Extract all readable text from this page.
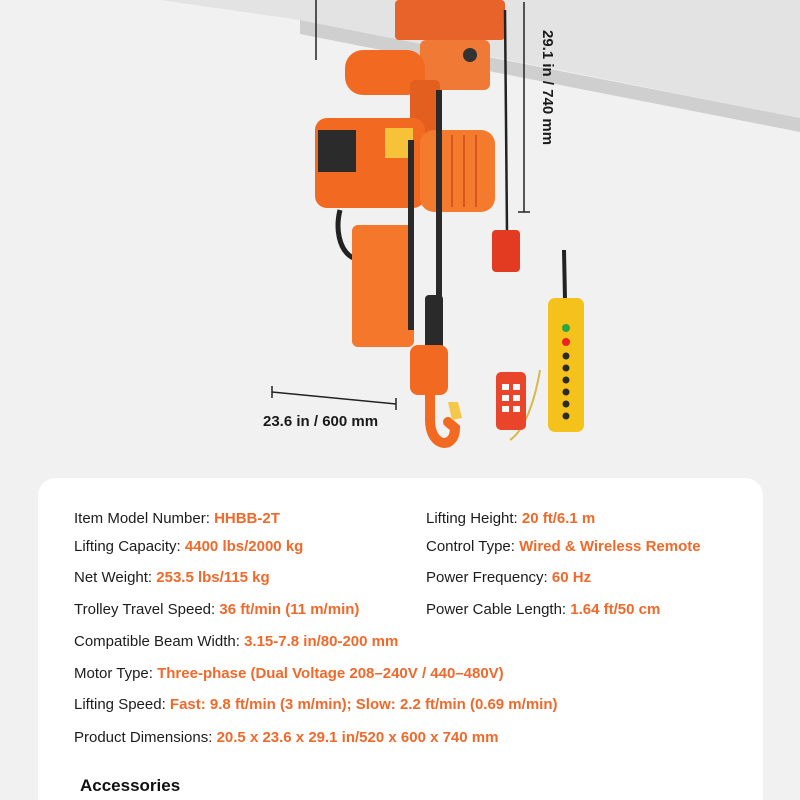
23.6 in / 600 mm
29.1 in / 740 mm
Item Model Number: HHBB-2T	Lifting Height: 20 ft/6.1 m
Lifting Capacity: 4400 lbs/2000 kg	Control Type: Wired & Wireless Remote
Net Weight: 253.5 lbs/115 kg	Power Frequency: 60 Hz
Trolley Travel Speed: 36 ft/min (11 m/min)	Power Cable Length: 1.64 ft/50 cm
Compatible Beam Width: 3.15-7.8 in/80-200 mm
Motor Type: Three-phase (Dual Voltage 208–240V / 440–480V)
Lifting Speed: Fast: 9.8 ft/min (3 m/min); Slow: 2.2 ft/min (0.69 m/min)
Product Dimensions: 20.5 x 23.6 x 29.1 in/520 x 600 x 740 mm
Accessories
